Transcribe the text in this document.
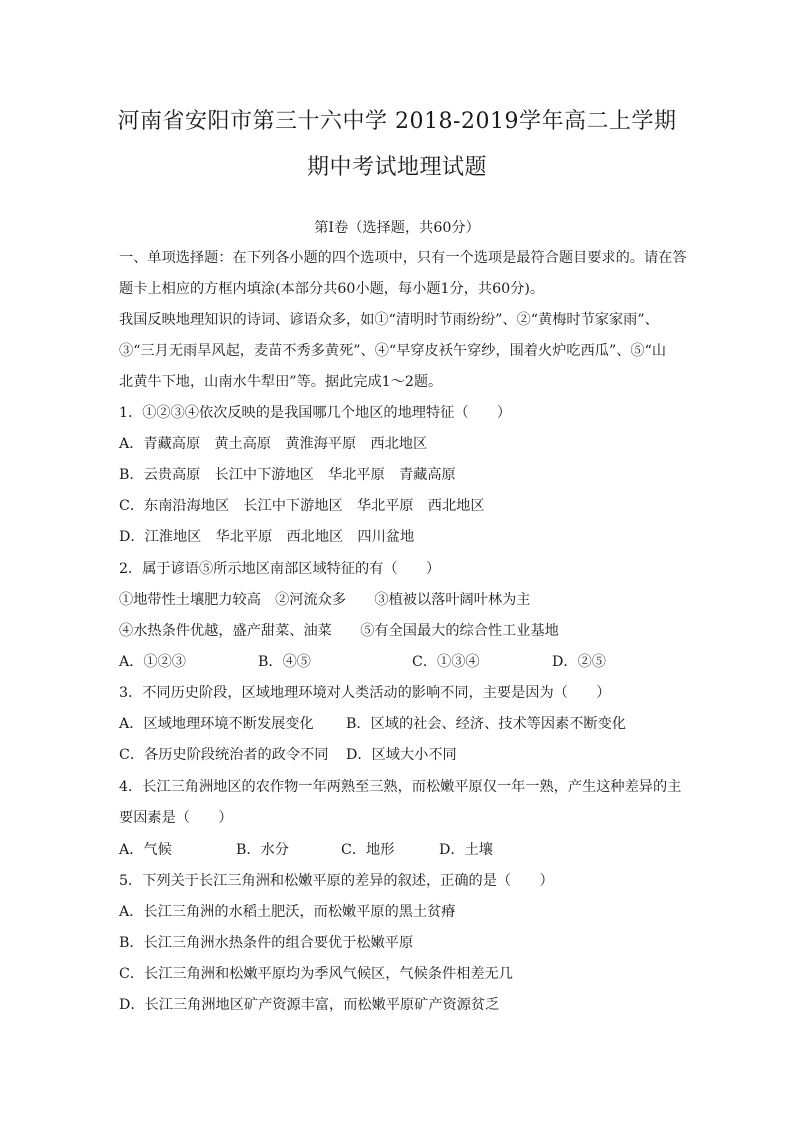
河南省安阳市第三十六中学 2018-2019学年高二上学期
期中考试地理试题
第Ⅰ卷（选择题，共60分）
一、单项选择题：在下列各小题的四个选项中，只有一个选项是最符合题目要求的。请在答
题卡上相应的方框内填涂(本部分共60小题，每小题1分，共60分)。
我国反映地理知识的诗词、谚语众多，如①“清明时节雨纷纷”、②“黄梅时节家家雨”、
③“三月无雨旱风起，麦苗不秀多黄死”、④“早穿皮袄午穿纱，围着火炉吃西瓜”、⑤“山
北黄牛下地，山南水牛犁田”等。据此完成1～2题。
1．①②③④依次反映的是我国哪几个地区的地理特征（　　）
A．青藏高原　黄土高原　黄淮海平原　西北地区
B．云贵高原　长江中下游地区　华北平原　青藏高原
C．东南沿海地区　长江中下游地区　华北平原　西北地区
D．江淮地区　华北平原　西北地区　四川盆地
2．属于谚语⑤所示地区南部区域特征的有（　　）
①地带性土壤肥力较高　②河流众多　　③植被以落叶阔叶林为主
④水热条件优越，盛产甜菜、油菜　　⑤有全国最大的综合性工业基地
A．①②③	B．④⑤	C．①③④	D．②⑤
3．不同历史阶段，区域地理环境对人类活动的影响不同，主要是因为（　　）
A．区域地理环境不断发展变化 B．区域的社会、经济、技术等因素不断变化
C．各历史阶段统治者的政令不同 D．区域大小不同
4．长江三角洲地区的农作物一年两熟至三熟，而松嫩平原仅一年一熟，产生这种差异的主
要因素是（　　）
A．气候	B．水分	C．地形	D．土壤
5．下列关于长江三角洲和松嫩平原的差异的叙述，正确的是（　　）
A．长江三角洲的水稻土肥沃，而松嫩平原的黑土贫瘠
B．长江三角洲水热条件的组合要优于松嫩平原
C．长江三角洲和松嫩平原均为季风气候区，气候条件相差无几
D．长江三角洲地区矿产资源丰富，而松嫩平原矿产资源贫乏
